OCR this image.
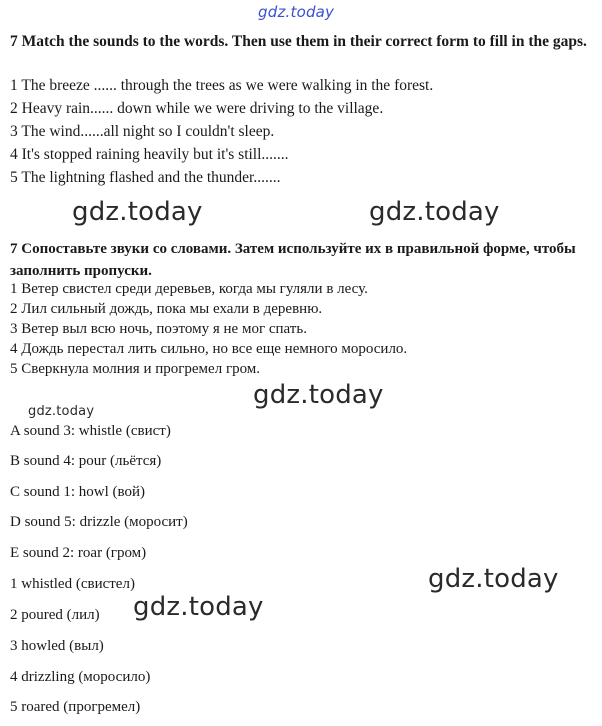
gdz.today
7 Match the sounds to the words. Then use them in their correct form to fill in the gaps.
1 The breeze ...... through the trees as we were walking in the forest.
2 Heavy rain...... down while we were driving to the village.
3 The wind......all night so I couldn't sleep.
4 It's stopped raining heavily but it's still.......
5 The lightning flashed and the thunder.......
gdz.today	gdz.today
7 Сопоставьте звуки со словами. Затем используйте их в правильной форме, чтобы заполнить пропуски.
1 Ветер свистел среди деревьев, когда мы гуляли в лесу.
2 Лил сильный дождь, пока мы ехали в деревню.
3 Ветер выл всю ночь, поэтому я не мог спать.
4 Дождь перестал лить сильно, но все еще немного моросило.
5 Сверкнула молния и прогремел гром.
gdz.today
gdz.today
A sound 3: whistle (свист)
B sound 4: pour (льётся)
C sound 1: howl (вой)
D sound 5: drizzle (моросит)
E sound 2: roar (гром)
1 whistled (свистел)
2 poured (лил)
3 howled (выл)
4 drizzling (моросило)
5 roared (прогремел)
gdz.today
gdz.today
